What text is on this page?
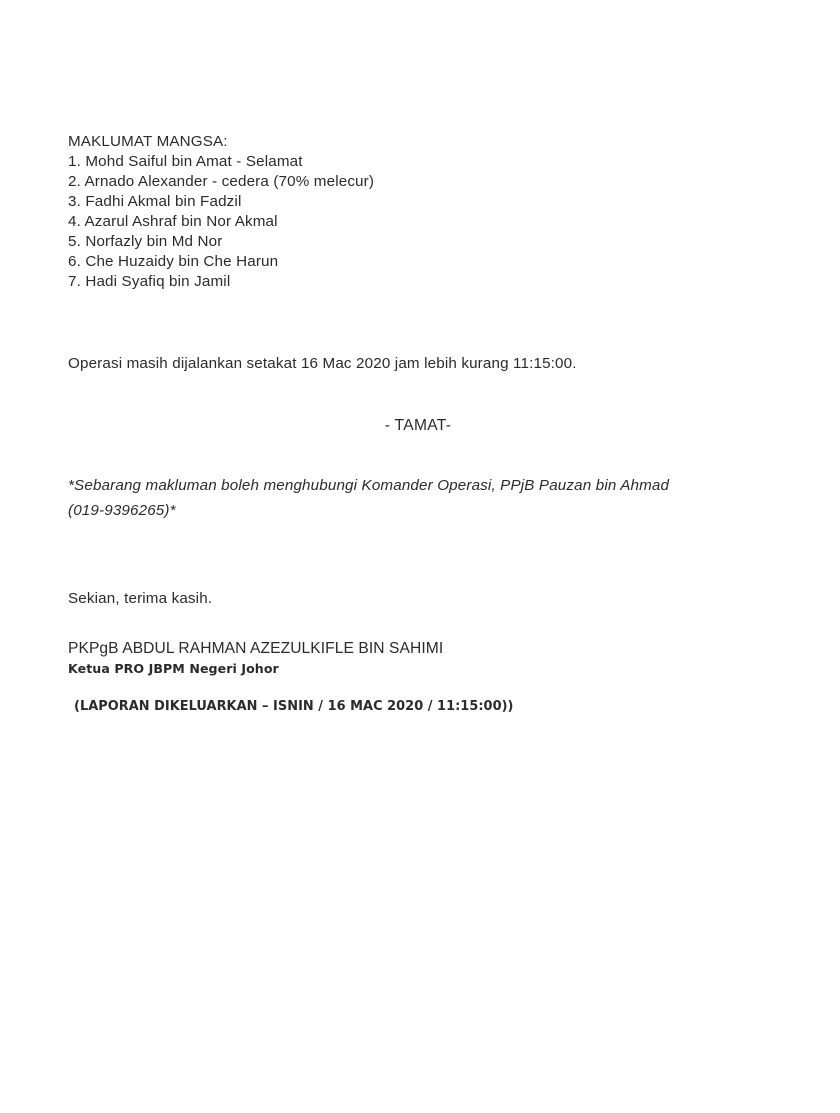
MAKLUMAT MANGSA:
1. Mohd Saiful bin Amat - Selamat
2. Arnado Alexander - cedera (70% melecur)
3. Fadhi Akmal bin Fadzil
4. Azarul Ashraf bin Nor Akmal
5. Norfazly bin Md Nor
6. Che Huzaidy bin Che Harun
7. Hadi Syafiq bin Jamil
Operasi masih dijalankan setakat 16 Mac 2020 jam lebih kurang 11:15:00.
- TAMAT-
*Sebarang makluman boleh menghubungi Komander Operasi, PPjB Pauzan bin Ahmad
(019-9396265)*
Sekian, terima kasih.
PKPgB ABDUL RAHMAN AZEZULKIFLE BIN SAHIMI
Ketua PRO JBPM Negeri Johor
(LAPORAN DIKELUARKAN – ISNIN / 16 MAC 2020 / 11:15:00))
